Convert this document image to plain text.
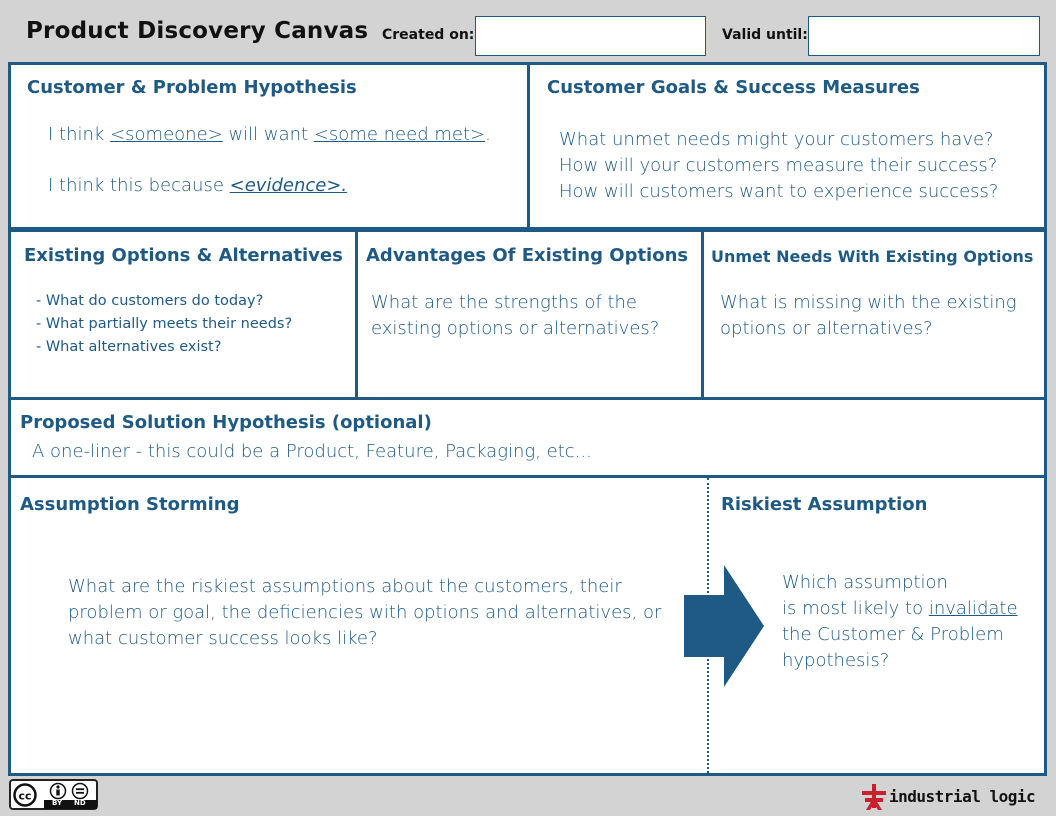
Product Discovery Canvas Created on:	Valid until:
Customer & Problem Hypothesis
I think <someone> will want <some need met>.
I think this because <evidence>.
Customer Goals & Success Measures
What unmet needs might your customers have?
How will your customers measure their success?
How will customers want to experience success?
Existing Options & Alternatives
- What do customers do today?
- What partially meets their needs?
- What alternatives exist?
Advantages Of Existing Options
What are the strengths of the
existing options or alternatives?
Unmet Needs With Existing Options
What is missing with the existing
options or alternatives?
Proposed Solution Hypothesis (optional)
A one-liner - this could be a Product, Feature, Packaging, etc...
Assumption Storming
What are the riskiest assumptions about the customers, their
problem or goal, the deficiencies with options and alternatives, or
what customer success looks like?
Riskiest Assumption
Which assumption
is most likely to invalidate
the Customer & Problem
hypothesis?
cc
BY ND	industrial logic
